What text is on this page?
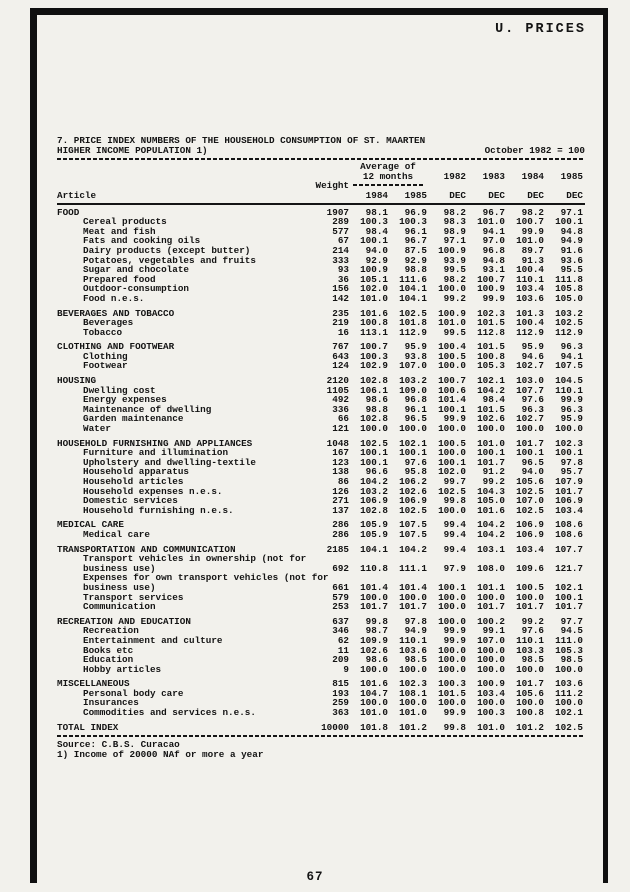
U. PRICES
7. PRICE INDEX NUMBERS OF THE HOUSEHOLD CONSUMPTION OF ST. MAARTEN
HIGHER INCOME POPULATION 1)	October 1982 = 100
Average of
12 months	1982	1983	1984	1985
Weight
Article	1984	1985	DEC	DEC	DEC	DEC
FOOD	1907	98.1	96.9	98.2	96.7	98.2	97.1
Cereal products	289	100.3	100.3	98.3	101.0	100.7	100.1
Meat and fish	577	98.4	96.1	98.9	94.1	99.9	94.8
Fats and cooking oils	67	100.1	96.7	97.1	97.0	101.0	94.9
Dairy products (except butter)	214	94.0	87.5	100.9	96.8	89.7	91.6
Potatoes, vegetables and fruits	333	92.9	92.9	93.9	94.8	91.3	93.6
Sugar and chocolate	93	100.9	98.8	99.5	93.1	100.4	95.5
Prepared food	36	105.1	111.6	98.2	100.7	110.1	111.8
Outdoor-consumption	156	102.0	104.1	100.0	100.9	103.4	105.8
Food n.e.s.	142	101.0	104.1	99.2	99.9	103.6	105.0
BEVERAGES AND TOBACCO	235	101.6	102.5	100.9	102.3	101.3	103.2
Beverages	219	100.8	101.8	101.0	101.5	100.4	102.5
Tobacco	16	113.1	112.9	99.5	112.8	112.9	112.9
CLOTHING AND FOOTWEAR	767	100.7	95.9	100.4	101.5	95.9	96.3
Clothing	643	100.3	93.8	100.5	100.8	94.6	94.1
Footwear	124	102.9	107.0	100.0	105.3	102.7	107.5
HOUSING	2120	102.8	103.2	100.7	102.1	103.0	104.5
Dwelling cost	1105	106.1	109.0	100.6	104.2	107.7	110.1
Energy expenses	492	98.6	96.8	101.4	98.4	97.6	99.9
Maintenance of dwelling	336	98.8	96.1	100.1	101.5	96.3	96.3
Garden maintenance	66	102.8	96.5	99.9	102.6	102.7	95.9
Water	121	100.0	100.0	100.0	100.0	100.0	100.0
HOUSEHOLD FURNISHING AND APPLIANCES	1048	102.5	102.1	100.5	101.0	101.7	102.3
Furniture and illumination	167	100.1	100.1	100.0	100.1	100.1	100.1
Upholstery and dwelling-textile	123	100.1	97.6	100.1	101.7	96.5	97.8
Household apparatus	138	96.6	95.8	102.0	91.2	94.0	95.7
Household articles	86	104.2	106.2	99.7	99.2	105.6	107.9
Household expenses n.e.s.	126	103.2	102.6	102.5	104.3	102.5	101.7
Domestic services	271	106.9	106.9	99.8	105.0	107.0	106.9
Household furnishing n.e.s.	137	102.8	102.5	100.0	101.6	102.5	103.4
MEDICAL CARE	286	105.9	107.5	99.4	104.2	106.9	108.6
Medical care	286	105.9	107.5	99.4	104.2	106.9	108.6
TRANSPORTATION AND COMMUNICATION	2185	104.1	104.2	99.4	103.1	103.4	107.7
Transport vehicles in ownership (not for
business use)	692	110.8	111.1	97.9	108.0	109.6	121.7
Expenses for own transport vehicles (not for
business use)	661	101.4	101.4	100.1	101.1	100.5	102.1
Transport services	579	100.0	100.0	100.0	100.0	100.0	100.1
Communication	253	101.7	101.7	100.0	101.7	101.7	101.7
RECREATION AND EDUCATION	637	99.8	97.8	100.0	100.2	99.2	97.7
Recreation	346	98.7	94.9	99.9	99.1	97.6	94.5
Entertainment and culture	62	109.9	110.1	99.9	107.0	110.1	111.0
Books etc	11	102.6	103.6	100.0	100.0	103.3	105.3
Education	209	98.6	98.5	100.0	100.0	98.5	98.5
Hobby articles	9	100.0	100.0	100.0	100.0	100.0	100.0
MISCELLANEOUS	815	101.6	102.3	100.3	100.9	101.7	103.6
Personal body care	193	104.7	108.1	101.5	103.4	105.6	111.2
Insurances	259	100.0	100.0	100.0	100.0	100.0	100.0
Commodities and services n.e.s.	363	101.0	101.0	99.9	100.3	100.8	102.1
TOTAL INDEX	10000	101.8	101.2	99.8	101.0	101.2	102.5
Source: C.B.S. Curacao
1) Income of 20000 NAf or more a year
67
